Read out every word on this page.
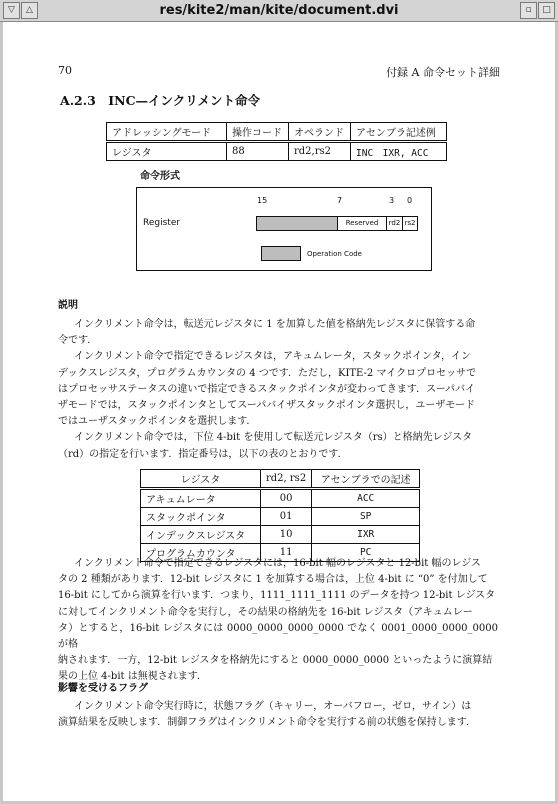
▽	△	res/kite2/man/kite/document.dvi	▫	□
70	付録 A 命令セット詳細
A.2.3　INC—インクリメント命令
アドレッシングモード	操作コード	オペランド	アセンブラ記述例
レジスタ	88	rd2,rs2	INC　IXR, ACC
命令形式
15	7	3 0
Register	Reserved	rd2 rs2
Operation Code
説明
インクリメント命令は，転送元レジスタに 1 を加算した値を格納先レジスタに保管する命
令です．
インクリメント命令で指定できるレジスタは，アキュムレータ，スタックポインタ，イン
デックスレジスタ，プログラムカウンタの 4 つです．ただし，KITE-2 マイクロプロセッサで
はプロセッサステータスの違いで指定できるスタックポインタが変わってきます．スーパバイ
ザモードでは，スタックポインタとしてスーパバイザスタックポインタ選択し，ユーザモード
ではユーザスタックポインタを選択します．
インクリメント命令では，下位 4-bit を使用して転送元レジスタ（rs）と格納先レジスタ
（rd）の指定を行います．指定番号は，以下の表のとおりです．
レジスタ	rd2, rs2	アセンブラでの記述
アキュムレータ	00	ACC
スタックポインタ	01	SP
インデックスレジスタ	10	IXR
プログラムカウンタ	11	PC
インクリメント命令で指定できるレジスタには，16-bit 幅のレジスタと 12-bit 幅のレジス
タの 2 種類があります．12-bit レジスタに 1 を加算する場合は，上位 4-bit に “0” を付加して
16-bit にしてから演算を行います．つまり，1111_1111_1111 のデータを持つ 12-bit レジスタ
に対してインクリメント命令を実行し，その結果の格納先を 16-bit レジスタ（アキュムレー
タ）とすると，16-bit レジスタには 0000_0000_0000_0000 でなく 0001_0000_0000_0000 が格
納されます．一方，12-bit レジスタを格納先にすると 0000_0000_0000 といったように演算結
果の上位 4-bit は無視されます．
影響を受けるフラグ
インクリメント命令実行時に，状態フラグ（キャリー，オーバフロー，ゼロ，サイン）は
演算結果を反映します．制御フラグはインクリメント命令を実行する前の状態を保持します．
